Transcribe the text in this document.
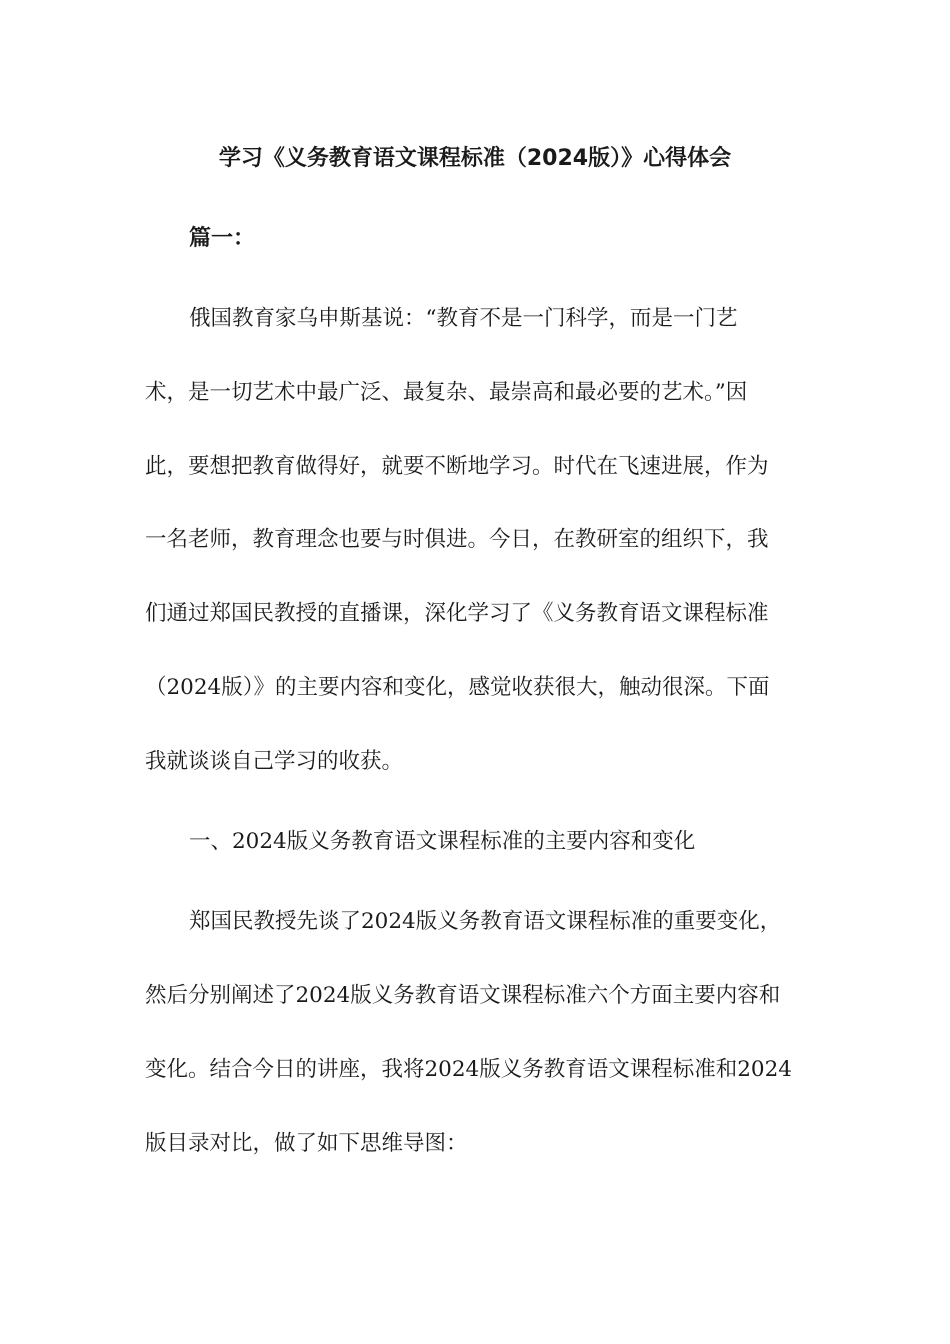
学习《义务教育语文课程标准（2024版）》心得体会
篇一：
俄国教育家乌申斯基说：“教育不是一门科学，而是一门艺
术，是一切艺术中最广泛、最复杂、最崇高和最必要的艺术。”因
此，要想把教育做得好，就要不断地学习。时代在飞速进展，作为
一名老师，教育理念也要与时俱进。今日，在教研室的组织下，我
们通过郑国民教授的直播课，深化学习了《义务教育语文课程标准
（2024版）》的主要内容和变化，感觉收获很大，触动很深。下面
我就谈谈自己学习的收获。
一、2024版义务教育语文课程标准的主要内容和变化
郑国民教授先谈了2024版义务教育语文课程标准的重要变化，
然后分别阐述了2024版义务教育语文课程标准六个方面主要内容和
变化。结合今日的讲座，我将2024版义务教育语文课程标准和2024
版目录对比，做了如下思维导图：
